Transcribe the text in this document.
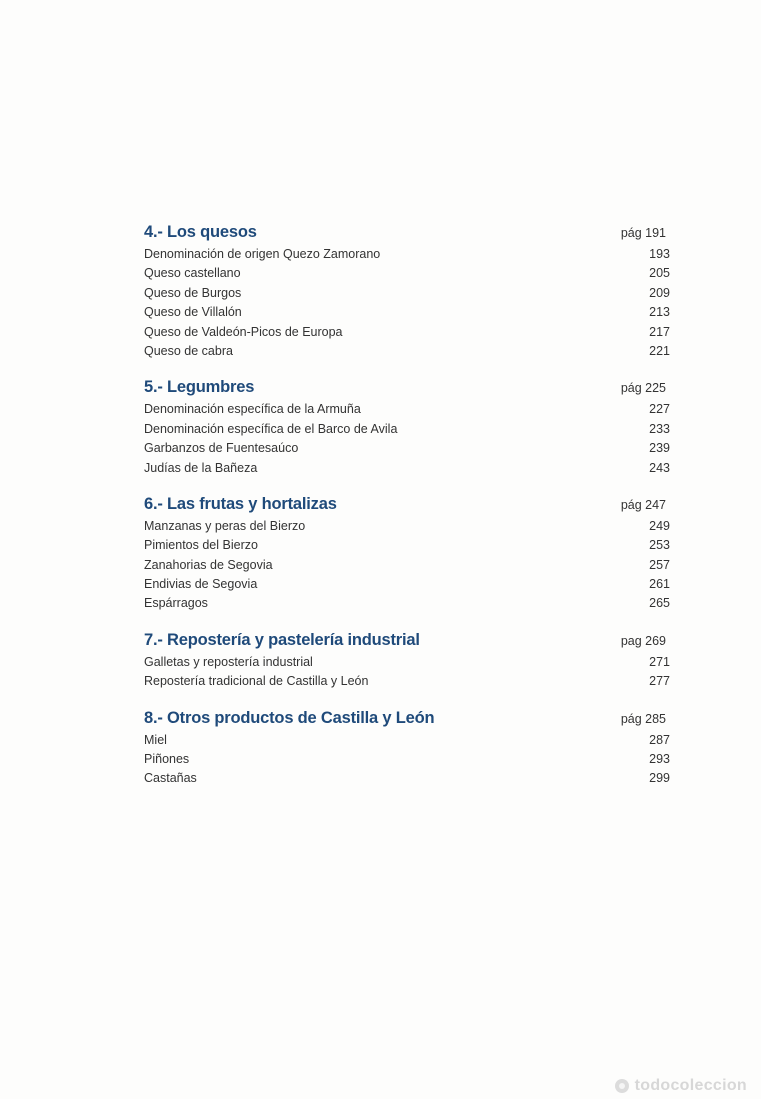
4.- Los quesos	pág 191
Denominación de origen Quezo Zamorano	193
Queso castellano	205
Queso de Burgos	209
Queso de Villalón	213
Queso de Valdeón-Picos de Europa	217
Queso de cabra	221
5.- Legumbres	pág 225
Denominación específica de la Armuña	227
Denominación específica de el Barco de Avila	233
Garbanzos de Fuentesaúco	239
Judías de la Bañeza	243
6.- Las frutas y hortalizas	pág 247
Manzanas y peras del Bierzo	249
Pimientos del Bierzo	253
Zanahorias de Segovia	257
Endivias de Segovia	261
Espárragos	265
7.- Repostería y pastelería industrial	pag 269
Galletas y repostería industrial	271
Repostería tradicional de Castilla y León	277
8.- Otros productos de Castilla y León	pág 285
Miel	287
Piñones	293
Castañas	299
todocoleccion
